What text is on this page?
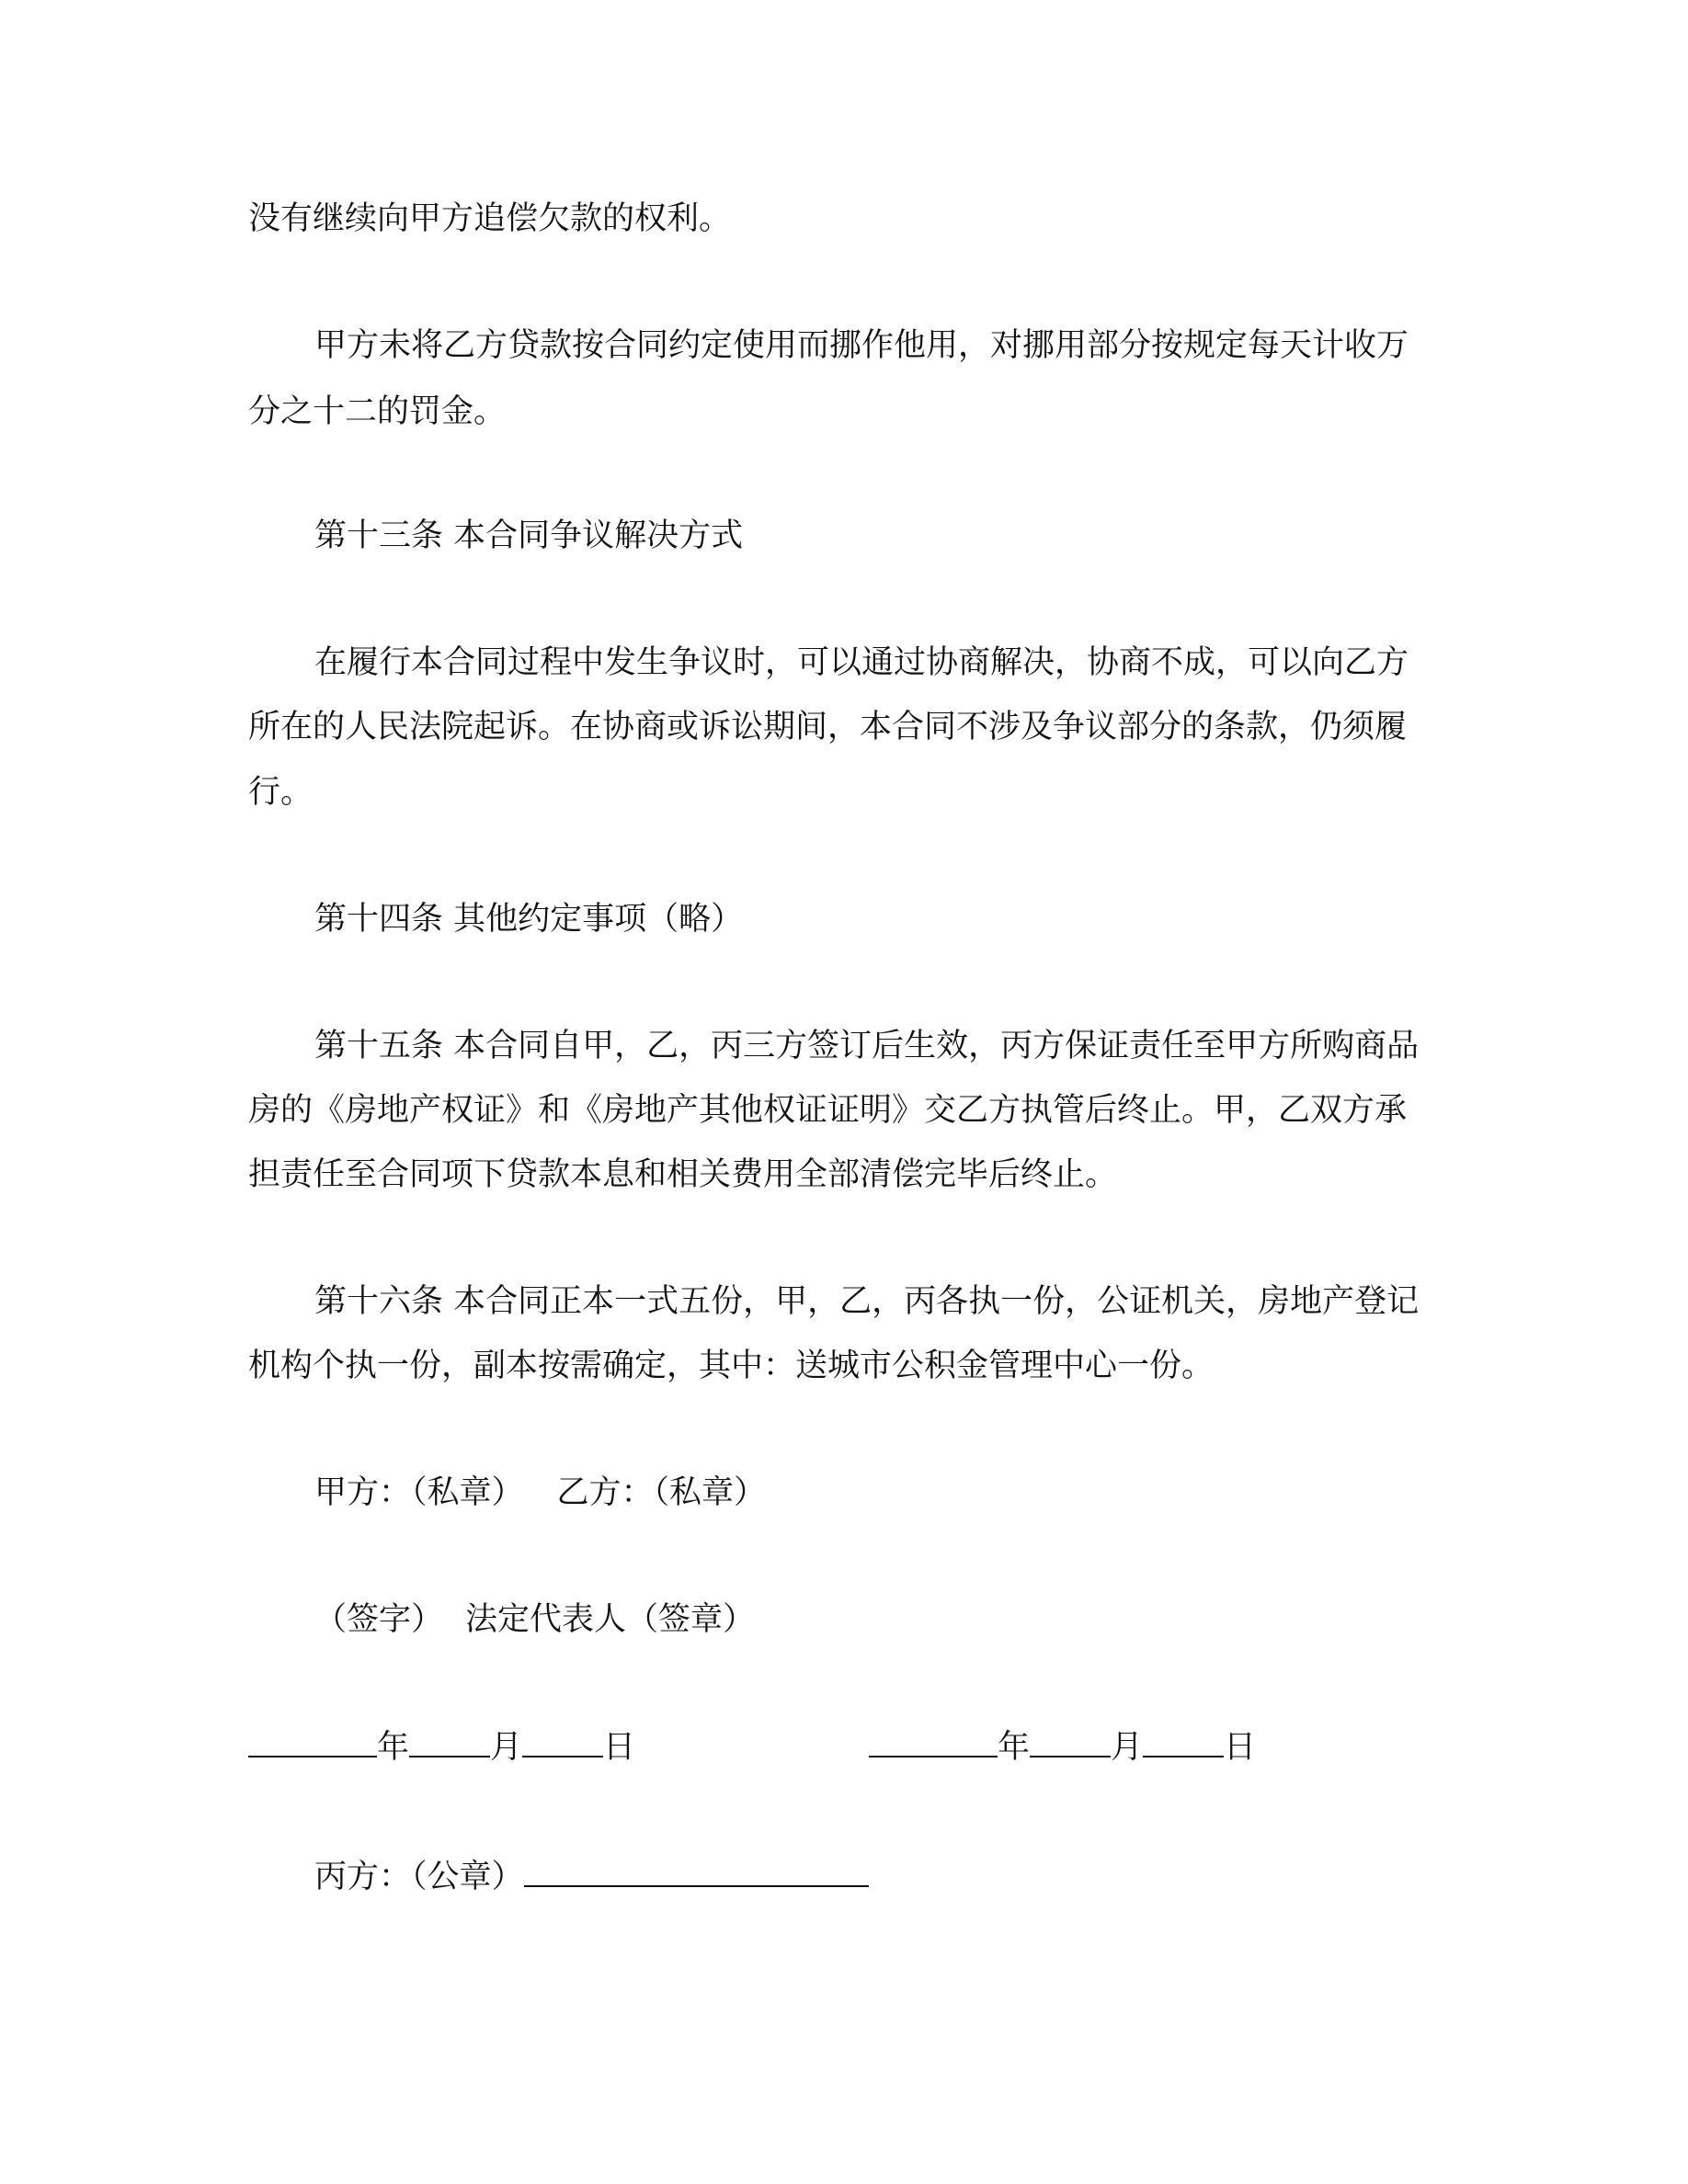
没有继续向甲方追偿欠款的权利。
甲方未将乙方贷款按合同约定使用而挪作他用，对挪用部分按规定每天计收万
分之十二的罚金。
第十三条 本合同争议解决方式
在履行本合同过程中发生争议时，可以通过协商解决，协商不成，可以向乙方
所在的人民法院起诉。在协商或诉讼期间，本合同不涉及争议部分的条款，仍须履
行。
第十四条 其他约定事项（略）
第十五条 本合同自甲，乙，丙三方签订后生效，丙方保证责任至甲方所购商品
房的《房地产权证》和《房地产其他权证证明》交乙方执管后终止。甲，乙双方承
担责任至合同项下贷款本息和相关费用全部清偿完毕后终止。
第十六条 本合同正本一式五份，甲，乙，丙各执一份，公证机关，房地产登记
机构个执一份，副本按需确定，其中：送城市公积金管理中心一份。
甲方：（私章） 乙方：（私章）
（签字） 法定代表人（签章）
年	月	日	年	月	日
丙方：（公章）
